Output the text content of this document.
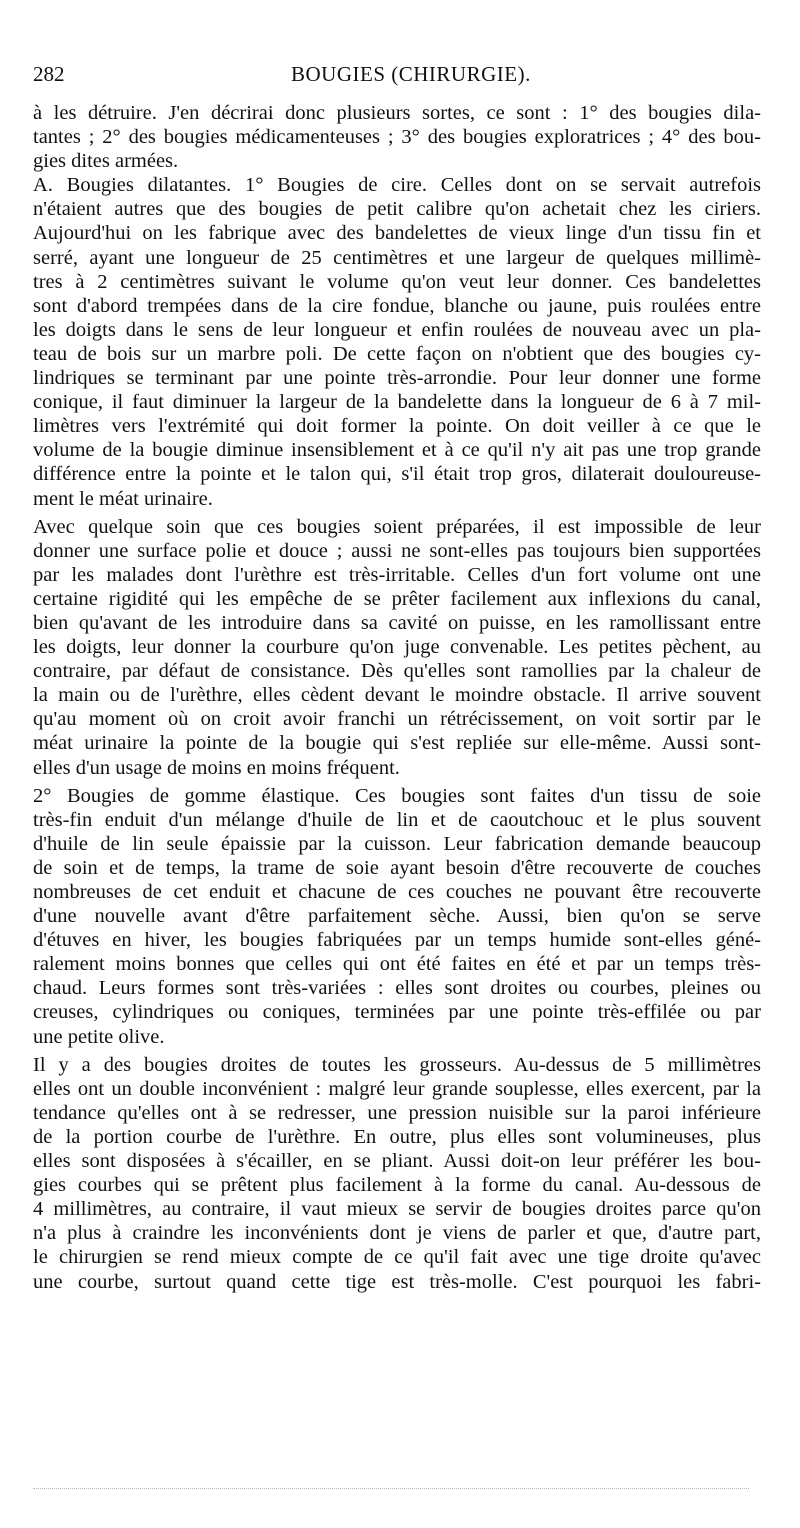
282	BOUGIES (CHIRURGIE).
à les détruire. J'en décrirai donc plusieurs sortes, ce sont : 1° des bougies dila-
tantes ; 2° des bougies médicamenteuses ; 3° des bougies exploratrices ; 4° des bou-
gies dites armées.
A. Bougies dilatantes. 1° Bougies de cire. Celles dont on se servait autrefois
n'étaient autres que des bougies de petit calibre qu'on achetait chez les ciriers.
Aujourd'hui on les fabrique avec des bandelettes de vieux linge d'un tissu fin et
serré, ayant une longueur de 25 centimètres et une largeur de quelques millimè-
tres à 2 centimètres suivant le volume qu'on veut leur donner. Ces bandelettes
sont d'abord trempées dans de la cire fondue, blanche ou jaune, puis roulées entre
les doigts dans le sens de leur longueur et enfin roulées de nouveau avec un pla-
teau de bois sur un marbre poli. De cette façon on n'obtient que des bougies cy-
lindriques se terminant par une pointe très-arrondie. Pour leur donner une forme
conique, il faut diminuer la largeur de la bandelette dans la longueur de 6 à 7 mil-
limètres vers l'extrémité qui doit former la pointe. On doit veiller à ce que le
volume de la bougie diminue insensiblement et à ce qu'il n'y ait pas une trop grande
différence entre la pointe et le talon qui, s'il était trop gros, dilaterait douloureuse-
ment le méat urinaire.
Avec quelque soin que ces bougies soient préparées, il est impossible de leur
donner une surface polie et douce ; aussi ne sont-elles pas toujours bien supportées
par les malades dont l'urèthre est très-irritable. Celles d'un fort volume ont une
certaine rigidité qui les empêche de se prêter facilement aux inflexions du canal,
bien qu'avant de les introduire dans sa cavité on puisse, en les ramollissant entre
les doigts, leur donner la courbure qu'on juge convenable. Les petites pèchent, au
contraire, par défaut de consistance. Dès qu'elles sont ramollies par la chaleur de
la main ou de l'urèthre, elles cèdent devant le moindre obstacle. Il arrive souvent
qu'au moment où on croit avoir franchi un rétrécissement, on voit sortir par le
méat urinaire la pointe de la bougie qui s'est repliée sur elle-même. Aussi sont-
elles d'un usage de moins en moins fréquent.
2° Bougies de gomme élastique. Ces bougies sont faites d'un tissu de soie
très-fin enduit d'un mélange d'huile de lin et de caoutchouc et le plus souvent
d'huile de lin seule épaissie par la cuisson. Leur fabrication demande beaucoup
de soin et de temps, la trame de soie ayant besoin d'être recouverte de couches
nombreuses de cet enduit et chacune de ces couches ne pouvant être recouverte
d'une nouvelle avant d'être parfaitement sèche. Aussi, bien qu'on se serve
d'étuves en hiver, les bougies fabriquées par un temps humide sont-elles géné-
ralement moins bonnes que celles qui ont été faites en été et par un temps très-
chaud. Leurs formes sont très-variées : elles sont droites ou courbes, pleines ou
creuses, cylindriques ou coniques, terminées par une pointe très-effilée ou par
une petite olive.
Il y a des bougies droites de toutes les grosseurs. Au-dessus de 5 millimètres
elles ont un double inconvénient : malgré leur grande souplesse, elles exercent, par la
tendance qu'elles ont à se redresser, une pression nuisible sur la paroi inférieure
de la portion courbe de l'urèthre. En outre, plus elles sont volumineuses, plus
elles sont disposées à s'écailler, en se pliant. Aussi doit-on leur préférer les bou-
gies courbes qui se prêtent plus facilement à la forme du canal. Au-dessous de
4 millimètres, au contraire, il vaut mieux se servir de bougies droites parce qu'on
n'a plus à craindre les inconvénients dont je viens de parler et que, d'autre part,
le chirurgien se rend mieux compte de ce qu'il fait avec une tige droite qu'avec
une courbe, surtout quand cette tige est très-molle. C'est pourquoi les fabri-
